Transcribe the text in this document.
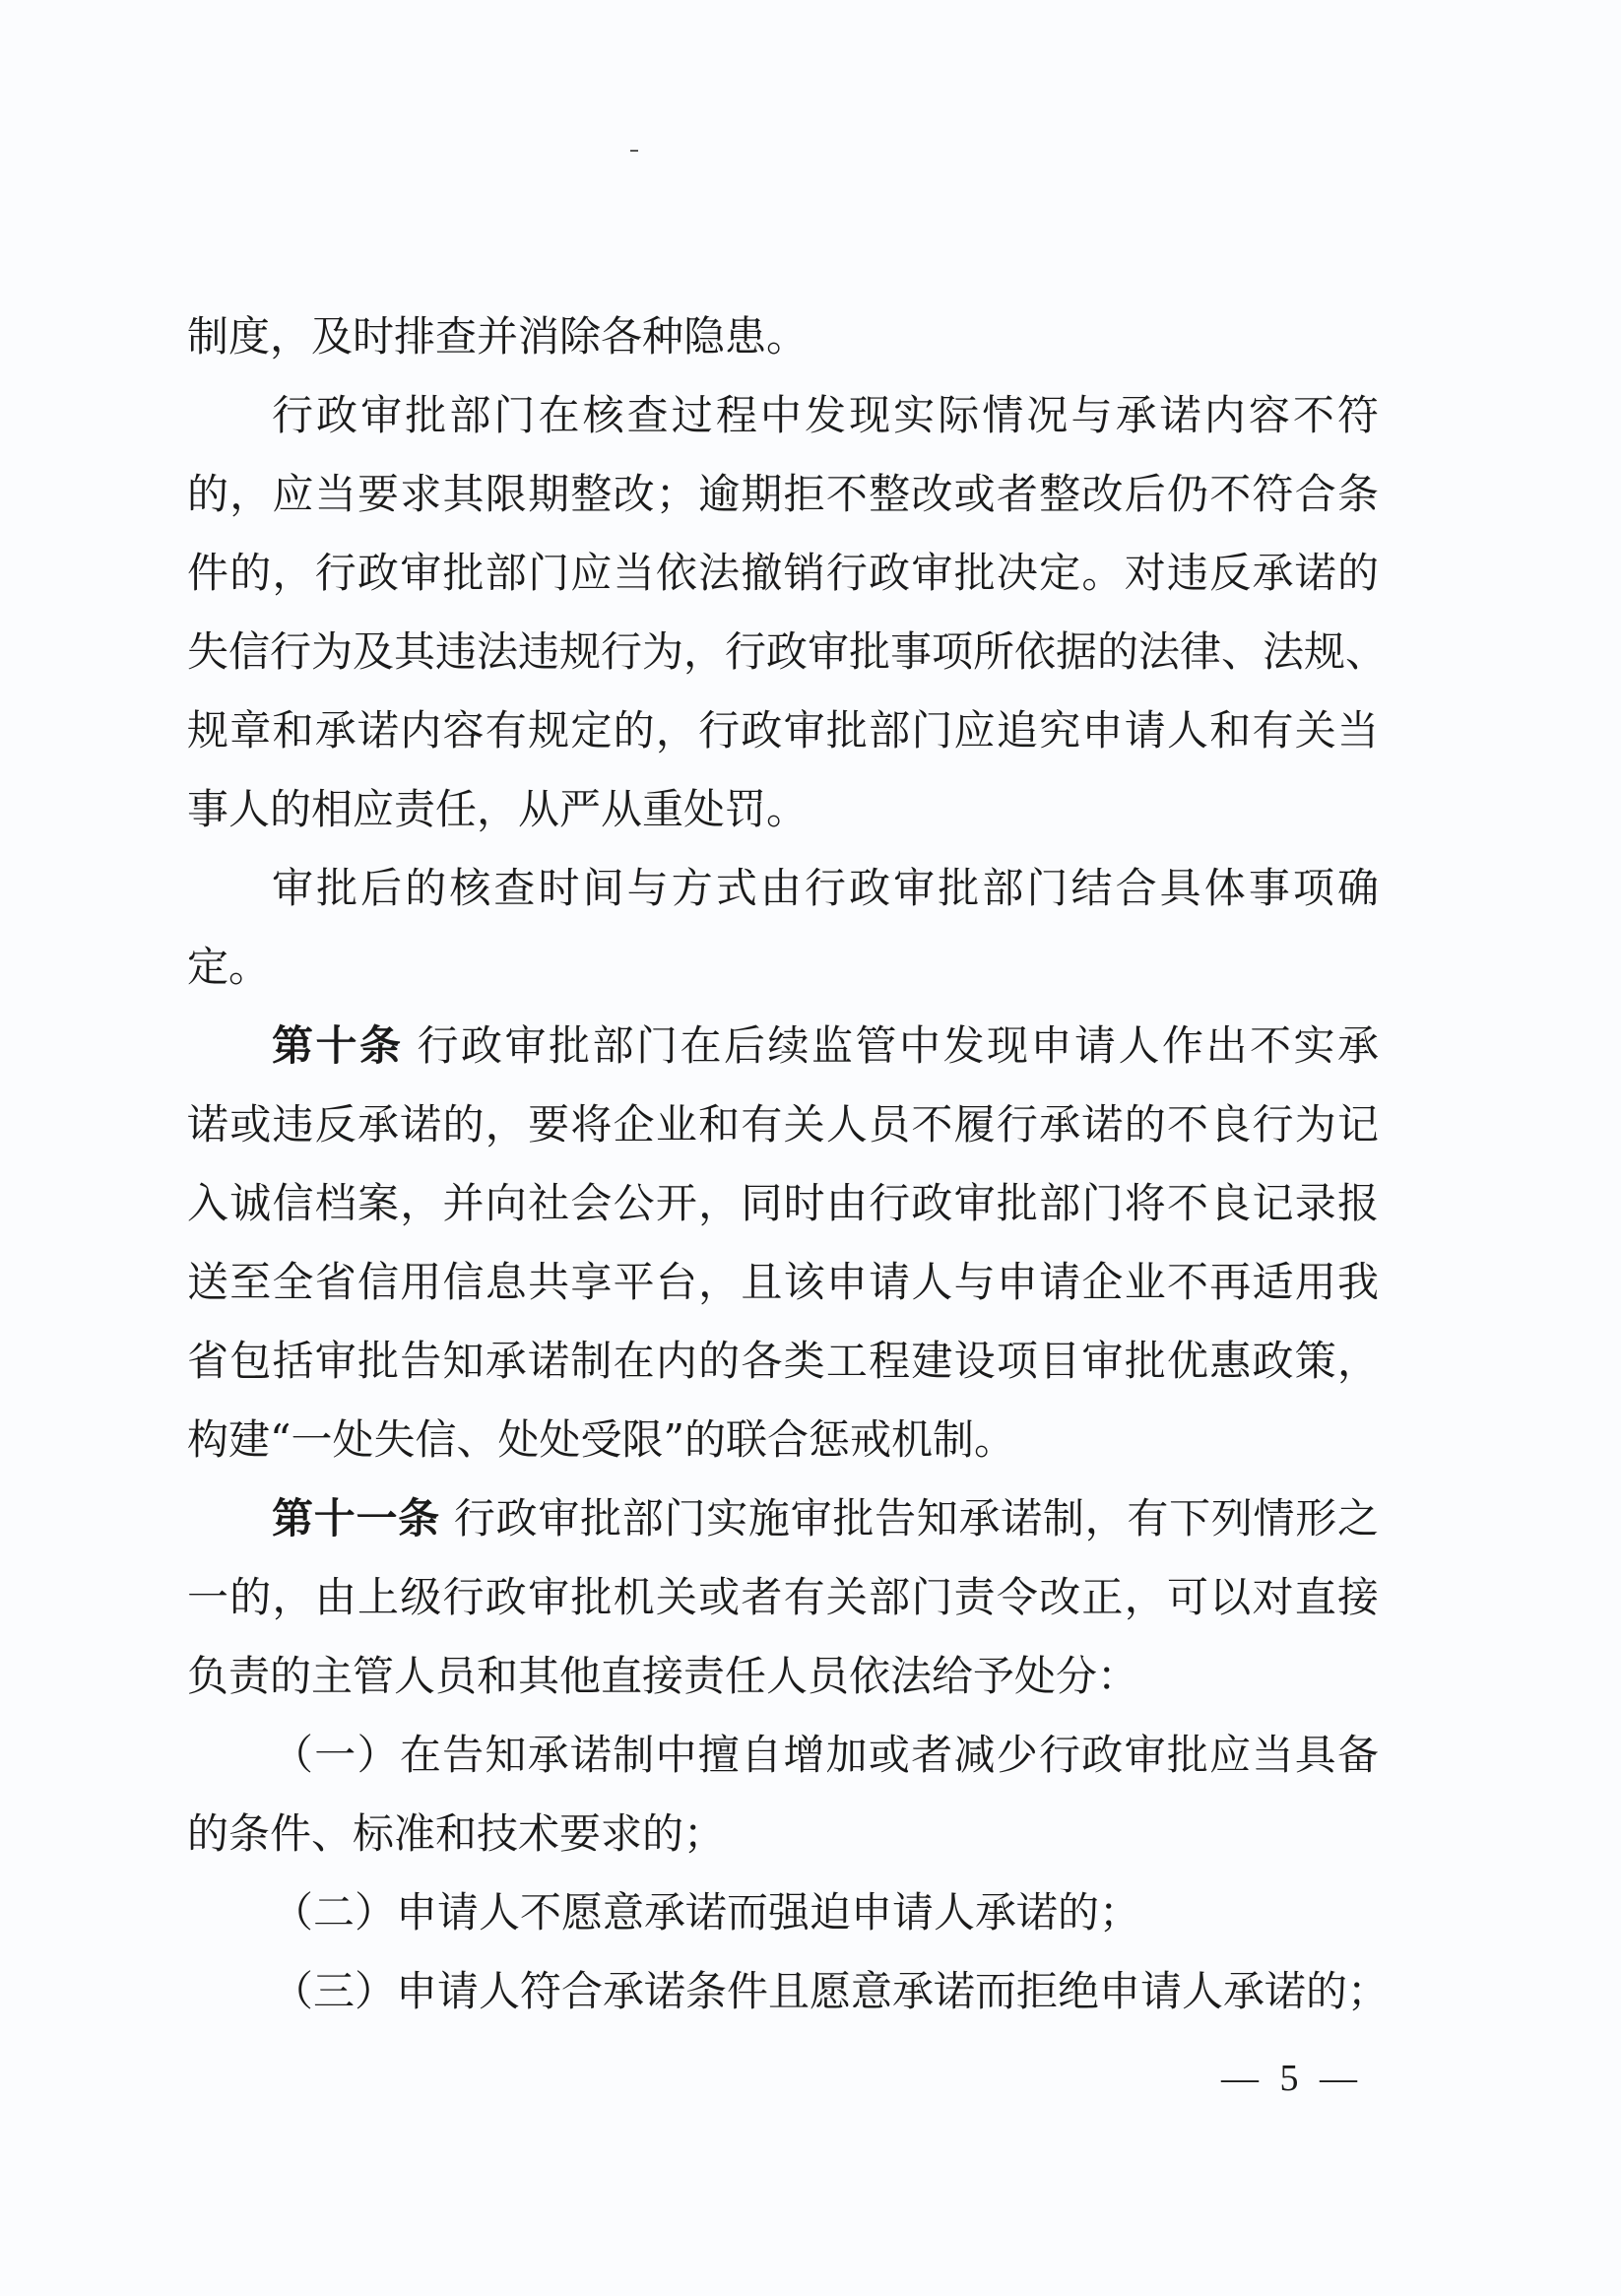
制度，及时排查并消除各种隐患。
行政审批部门在核查过程中发现实际情况与承诺内容不符
的，应当要求其限期整改；逾期拒不整改或者整改后仍不符合条
件的，行政审批部门应当依法撤销行政审批决定。对违反承诺的
失信行为及其违法违规行为，行政审批事项所依据的法律、法规、
规章和承诺内容有规定的，行政审批部门应追究申请人和有关当
事人的相应责任，从严从重处罚。
审批后的核查时间与方式由行政审批部门结合具体事项确
定。
第十条 行政审批部门在后续监管中发现申请人作出不实承
诺或违反承诺的，要将企业和有关人员不履行承诺的不良行为记
入诚信档案，并向社会公开，同时由行政审批部门将不良记录报
送至全省信用信息共享平台，且该申请人与申请企业不再适用我
省包括审批告知承诺制在内的各类工程建设项目审批优惠政策，
构建“一处失信、处处受限”的联合惩戒机制。
第十一条 行政审批部门实施审批告知承诺制，有下列情形之
一的，由上级行政审批机关或者有关部门责令改正，可以对直接
负责的主管人员和其他直接责任人员依法给予处分：
（一）在告知承诺制中擅自增加或者减少行政审批应当具备
的条件、标准和技术要求的；
（二）申请人不愿意承诺而强迫申请人承诺的；
（三）申请人符合承诺条件且愿意承诺而拒绝申请人承诺的；
— 5 —
